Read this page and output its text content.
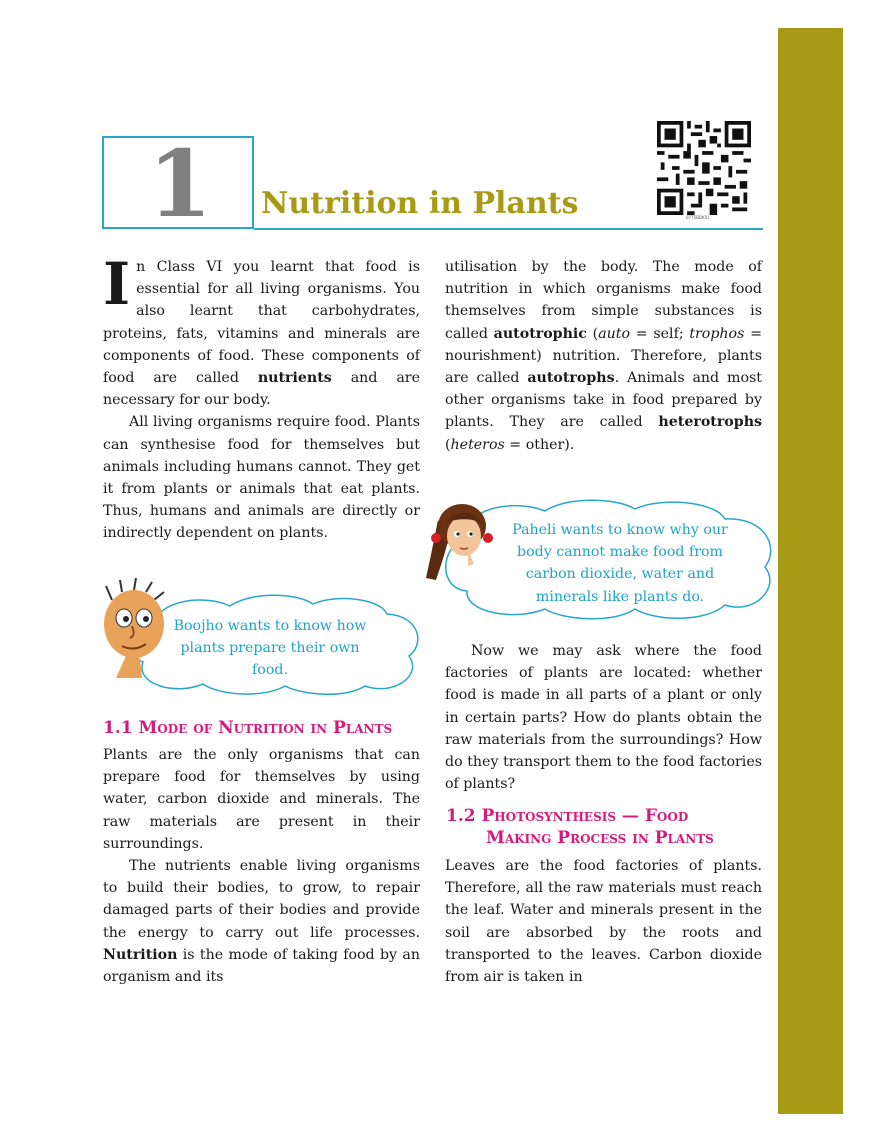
1	Nutrition in Plants	0775BDK01

In Class VI you learnt that food is essential for all living organisms. You also learnt that carbohydrates, proteins, fats, vitamins and minerals are components of food. These components of food are called nutrients and are necessary for our body.

All living organisms require food. Plants can synthesise food for themselves but animals including humans cannot. They get it from plants or animals that eat plants. Thus, humans and animals are directly or indirectly dependent on plants.

utilisation by the body. The mode of nutrition in which organisms make food themselves from simple substances is called autotrophic (auto = self; trophos = nourishment) nutrition. Therefore, plants are called autotrophs. Animals and most other organisms take in food prepared by plants. They are called heterotrophs (heteros = other).

Paheli wants to know why our body cannot make food from carbon dioxide, water and minerals like plants do.
Boojho wants to know how plants prepare their own food.
1.1 Mode of Nutrition in Plants

Plants are the only organisms that can prepare food for themselves by using water, carbon dioxide and minerals. The raw materials are present in their surroundings.

The nutrients enable living organisms to build their bodies, to grow, to repair damaged parts of their bodies and provide the energy to carry out life processes. Nutrition is the mode of taking food by an organism and its

Now we may ask where the food factories of plants are located: whether food is made in all parts of a plant or only in certain parts? How do plants obtain the raw materials from the surroundings? How do they transport them to the food factories of plants?

1.2 Photosynthesis — Food
Making Process in Plants

Leaves are the food factories of plants. Therefore, all the raw materials must reach the leaf. Water and minerals present in the soil are absorbed by the roots and transported to the leaves. Carbon dioxide from air is taken in
